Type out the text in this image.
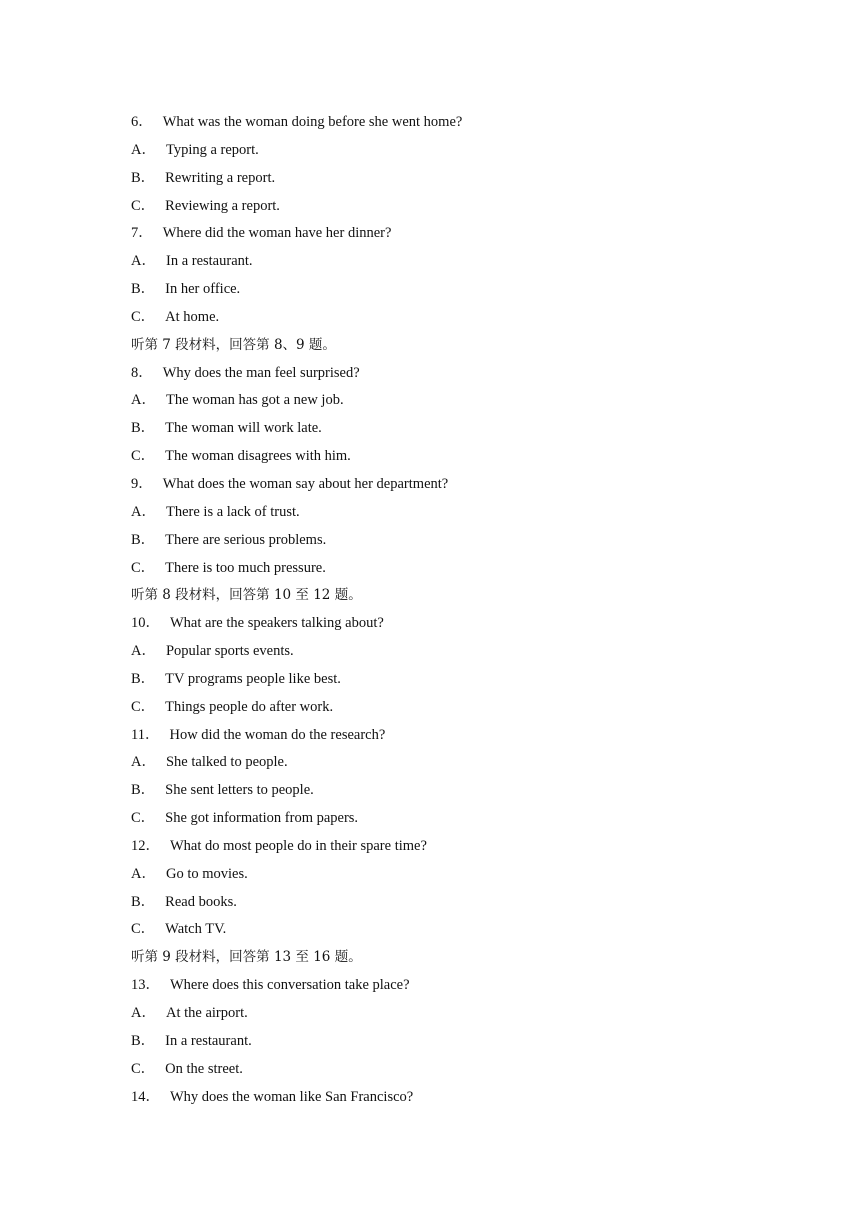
6． What was the woman doing before she went home?
A． Typing a report.
B． Rewriting a report.
C． Reviewing a report.
7． Where did the woman have her dinner?
A． In a restaurant.
B． In her office.
C． At home.
听第 7 段材料，回答第 8、9 题。
8． Why does the man feel surprised?
A． The woman has got a new job.
B． The woman will work late.
C． The woman disagrees with him.
9． What does the woman say about her department?
A． There is a lack of trust.
B． There are serious problems.
C． There is too much pressure.
听第 8 段材料，回答第 10 至 12 题。
10． What are the speakers talking about?
A． Popular sports events.
B． TV programs people like best.
C． Things people do after work.
11． How did the woman do the research?
A． She talked to people.
B． She sent letters to people.
C． She got information from papers.
12． What do most people do in their spare time?
A． Go to movies.
B． Read books.
C． Watch TV.
听第 9 段材料，回答第 13 至 16 题。
13． Where does this conversation take place?
A． At the airport.
B． In a restaurant.
C． On the street.
14． Why does the woman like San Francisco?
